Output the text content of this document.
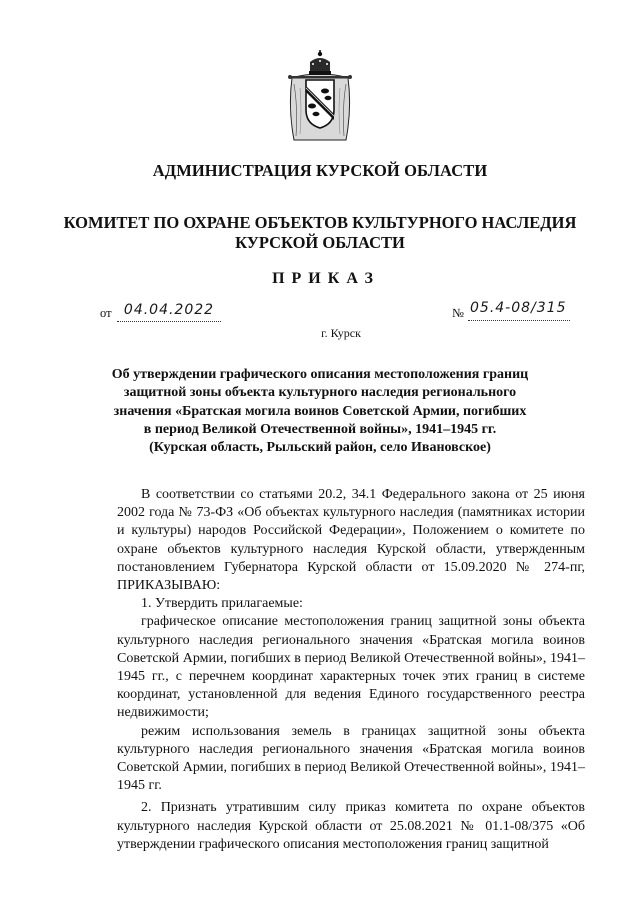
АДМИНИСТРАЦИЯ КУРСКОЙ ОБЛАСТИ
КОМИТЕТ ПО ОХРАНЕ ОБЪЕКТОВ КУЛЬТУРНОГО НАСЛЕДИЯ
КУРСКОЙ ОБЛАСТИ
ПРИКАЗ
от 04.04.2022	№ 05.4-08/315
г. Курск
Об утверждении графического описания местоположения границ
защитной зоны объекта культурного наследия регионального
значения «Братская могила воинов Советской Армии, погибших
в период Великой Отечественной войны», 1941–1945 гг.
(Курская область, Рыльский район, село Ивановское)

В соответствии со статьями 20.2, 34.1 Федерального закона от 25 июня 2002 года № 73-ФЗ «Об объектах культурного наследия (памятниках истории и культуры) народов Российской Федерации», Положением о комитете по охране объектов культурного наследия Курской области, утвержденным постановлением Губернатора Курской области от 15.09.2020 № 274-пг, ПРИКАЗЫВАЮ:

1. Утвердить прилагаемые:

графическое описание местоположения границ защитной зоны объекта культурного наследия регионального значения «Братская могила воинов Советской Армии, погибших в период Великой Отечественной войны», 1941–1945 гг., с перечнем координат характерных точек этих границ в системе координат, установленной для ведения Единого государственного реестра недвижимости;

режим использования земель в границах защитной зоны объекта культурного наследия регионального значения «Братская могила воинов Советской Армии, погибших в период Великой Отечественной войны», 1941–1945 гг.

2. Признать утратившим силу приказ комитета по охране объектов культурного наследия Курской области от 25.08.2021 № 01.1-08/375 «Об утверждении графического описания местоположения границ защитной
